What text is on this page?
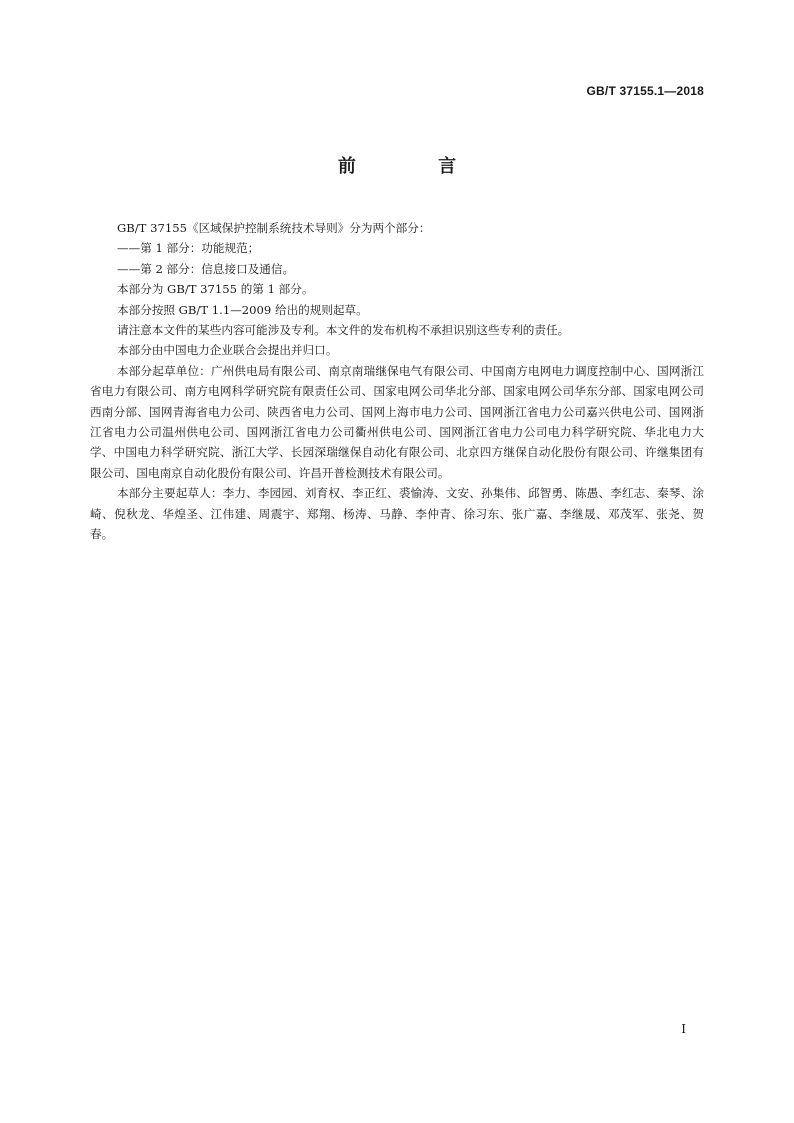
GB/T 37155.1—2018
前 言

GB/T 37155《区域保护控制系统技术导则》分为两个部分：

——第 1 部分：功能规范；

——第 2 部分：信息接口及通信。

本部分为 GB/T 37155 的第 1 部分。

本部分按照 GB/T 1.1—2009 给出的规则起草。

请注意本文件的某些内容可能涉及专利。本文件的发布机构不承担识别这些专利的责任。

本部分由中国电力企业联合会提出并归口。

本部分起草单位：广州供电局有限公司、南京南瑞继保电气有限公司、中国南方电网电力调度控制中心、国网浙江省电力有限公司、南方电网科学研究院有限责任公司、国家电网公司华北分部、国家电网公司华东分部、国家电网公司西南分部、国网青海省电力公司、陕西省电力公司、国网上海市电力公司、国网浙江省电力公司嘉兴供电公司、国网浙江省电力公司温州供电公司、国网浙江省电力公司衢州供电公司、国网浙江省电力公司电力科学研究院、华北电力大学、中国电力科学研究院、浙江大学、长园深瑞继保自动化有限公司、北京四方继保自动化股份有限公司、许继集团有限公司、国电南京自动化股份有限公司、许昌开普检测技术有限公司。

本部分主要起草人：李力、李园园、刘育权、李正红、裘愉涛、文安、孙集伟、邱智勇、陈愚、李红志、秦琴、涂崎、倪秋龙、华煌圣、江伟建、周震宇、郑翔、杨涛、马静、李仲青、徐习东、张广嘉、李继晟、邓茂军、张尧、贺春。

I
